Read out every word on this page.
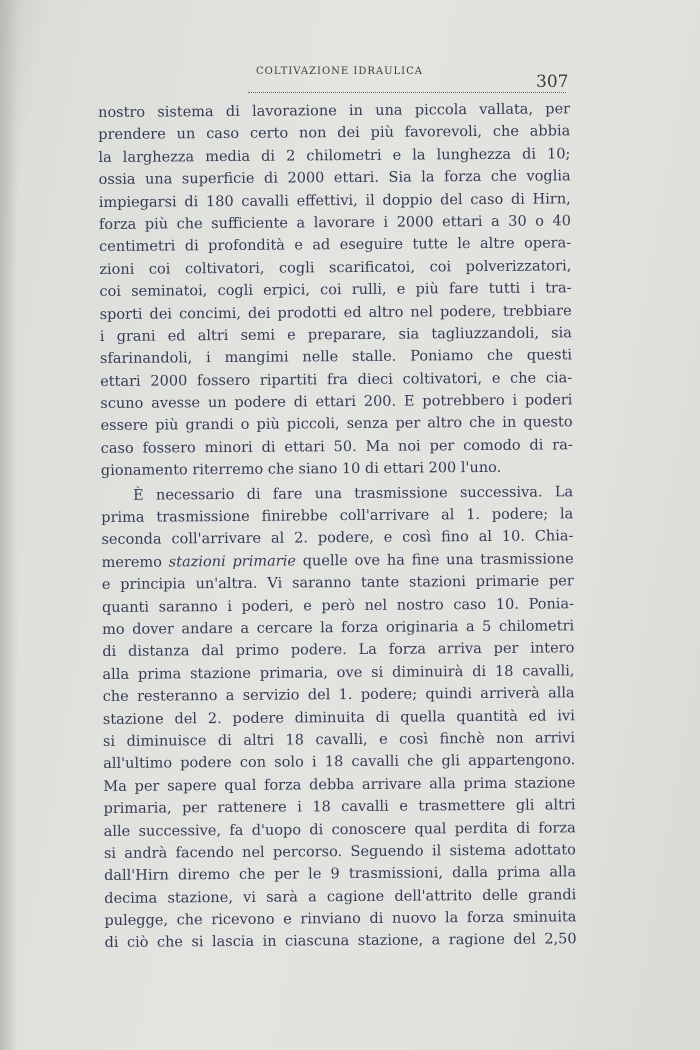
COLTIVAZIONE IDRAULICA
307
nostro sistema di lavorazione in una piccola vallata, per
prendere un caso certo non dei più favorevoli, che abbia
la larghezza media di 2 chilometri e la lunghezza di 10;
ossia una superficie di 2000 ettari. Sia la forza che voglia
impiegarsi di 180 cavalli effettivi, il doppio del caso di Hirn,
forza più che sufficiente a lavorare i 2000 ettari a 30 o 40
centimetri di profondità e ad eseguire tutte le altre opera-
zioni coi coltivatori, cogli scarificatoi, coi polverizzatori,
coi seminatoi, cogli erpici, coi rulli, e più fare tutti i tra-
sporti dei concimi, dei prodotti ed altro nel podere, trebbiare
i grani ed altri semi e preparare, sia tagliuzzandoli, sia
sfarinandoli, i mangimi nelle stalle. Poniamo che questi
ettari 2000 fossero ripartiti fra dieci coltivatori, e che cia-
scuno avesse un podere di ettari 200. E potrebbero i poderi
essere più grandi o più piccoli, senza per altro che in questo
caso fossero minori di ettari 50. Ma noi per comodo di ra-
gionamento riterremo che siano 10 di ettari 200 l'uno.
È necessario di fare una trasmissione successiva. La
prima trasmissione finirebbe coll'arrivare al 1. podere; la
seconda coll'arrivare al 2. podere, e così fino al 10. Chia-
meremo stazioni primarie quelle ove ha fine una trasmissione
e principia un'altra. Vi saranno tante stazioni primarie per
quanti saranno i poderi, e però nel nostro caso 10. Ponia-
mo dover andare a cercare la forza originaria a 5 chilometri
di distanza dal primo podere. La forza arriva per intero
alla prima stazione primaria, ove si diminuirà di 18 cavalli,
che resteranno a servizio del 1. podere; quindi arriverà alla
stazione del 2. podere diminuita di quella quantità ed ivi
si diminuisce di altri 18 cavalli, e così finchè non arrivi
all'ultimo podere con solo i 18 cavalli che gli appartengono.
Ma per sapere qual forza debba arrivare alla prima stazione
primaria, per rattenere i 18 cavalli e trasmettere gli altri
alle successive, fa d'uopo di conoscere qual perdita di forza
si andrà facendo nel percorso. Seguendo il sistema adottato
dall'Hirn diremo che per le 9 trasmissioni, dalla prima alla
decima stazione, vi sarà a cagione dell'attrito delle grandi
pulegge, che ricevono e rinviano di nuovo la forza sminuita
di ciò che si lascia in ciascuna stazione, a ragione del 2,50
